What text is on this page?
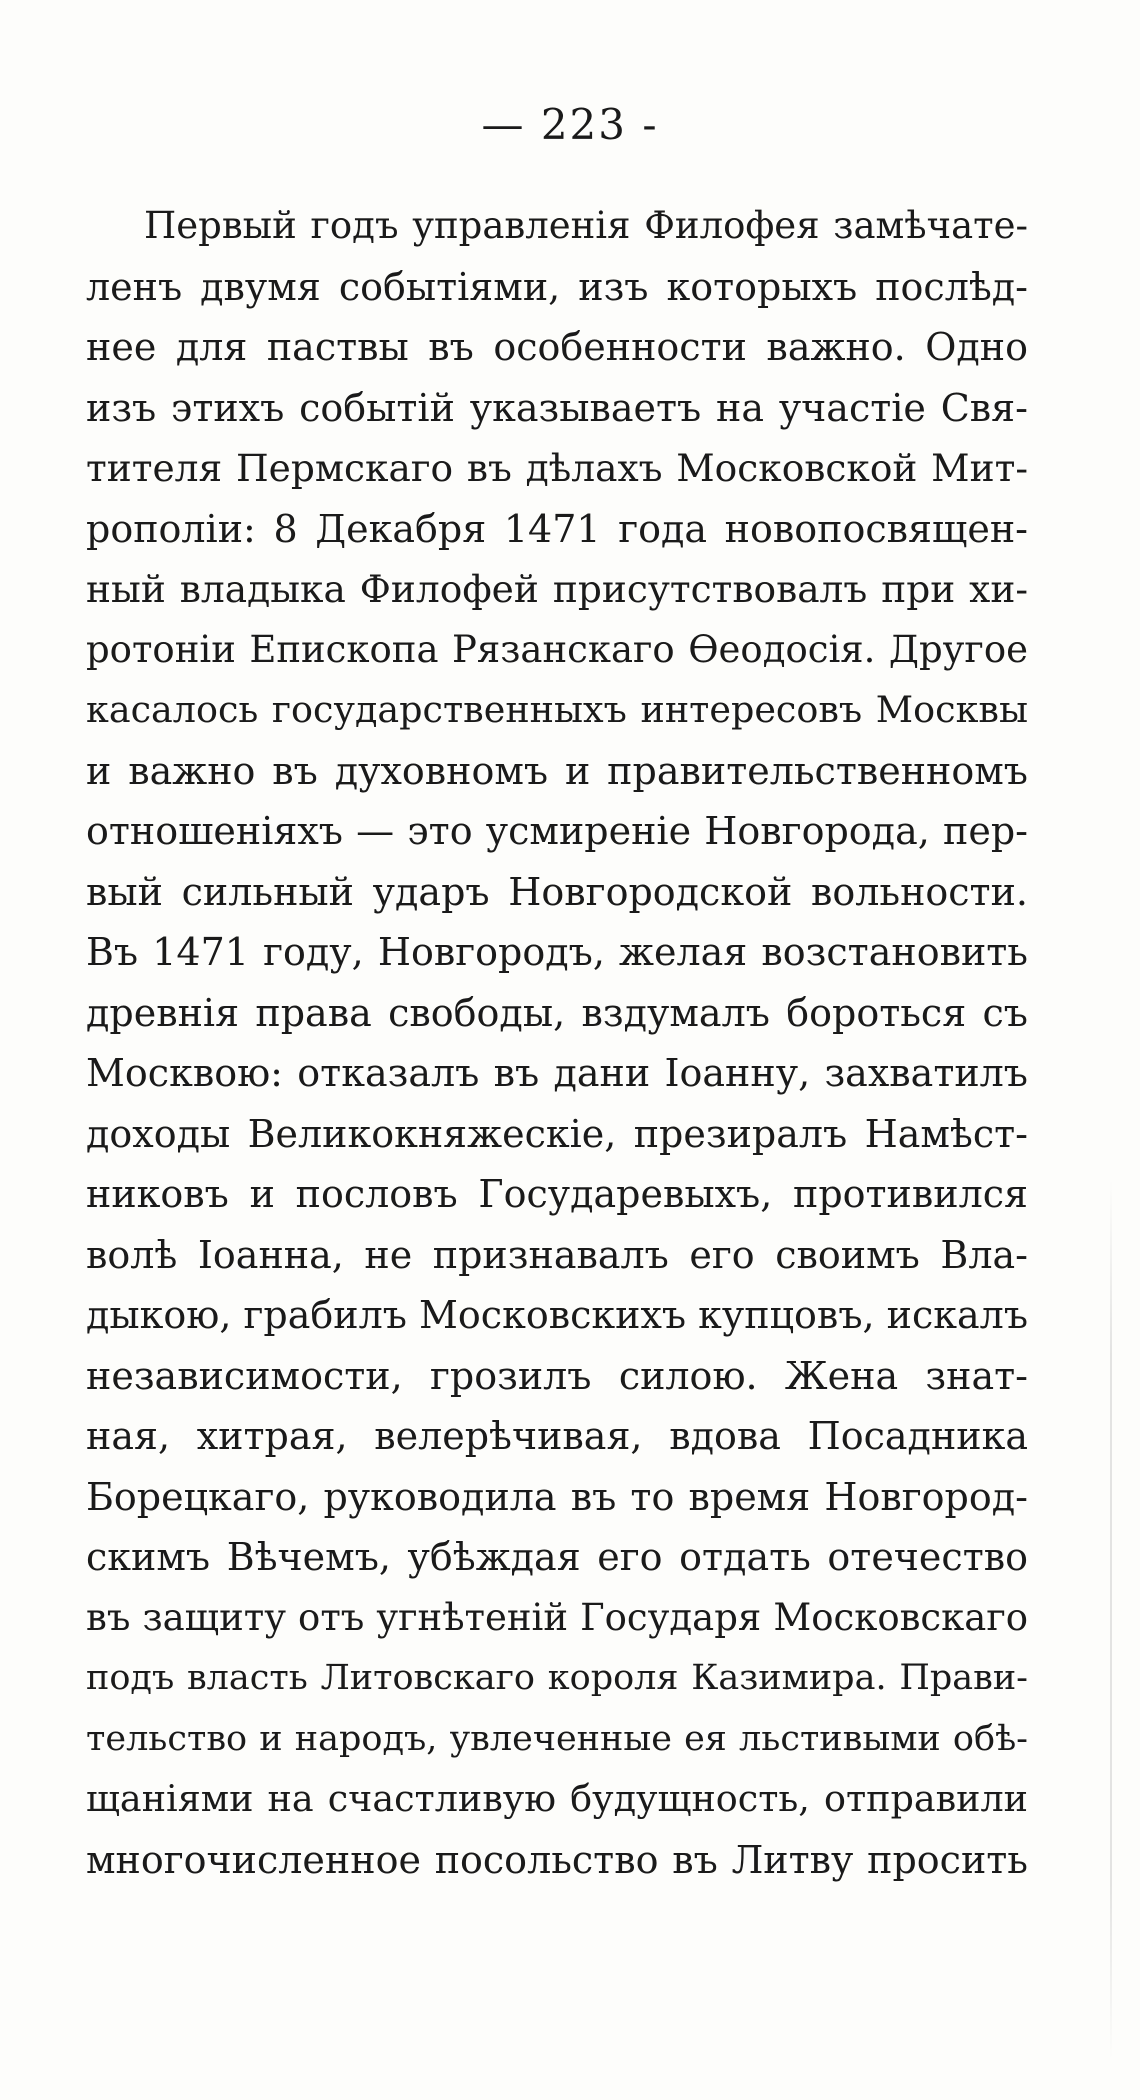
— 223 -
Первый годъ управленія Филофея замѣчате-
ленъ двумя событіями, изъ которыхъ послѣд-
нее для паствы въ особенности важно. Одно
изъ этихъ событій указываетъ на участіе Свя-
тителя Пермскаго въ дѣлахъ Московской Мит-
рополіи: 8 Декабря 1471 года новопосвящен-
ный владыка Филофей присутствовалъ при хи-
ротоніи Епископа Рязанскаго Ѳеодосія. Другое
касалось государственныхъ интересовъ Москвы
и важно въ духовномъ и правительственномъ
отношеніяхъ — это усмиреніе Новгорода, пер-
вый сильный ударъ Новгородской вольности.
Въ 1471 году, Новгородъ, желая возстановить
древнія права свободы, вздумалъ бороться съ
Москвою: отказалъ въ дани Іоанну, захватилъ
доходы Великокняжескіе, презиралъ Намѣст-
никовъ и пословъ Государевыхъ, противился
волѣ Іоанна, не признавалъ его своимъ Вла-
дыкою, грабилъ Московскихъ купцовъ, искалъ
независимости, грозилъ силою. Жена знат-
ная, хитрая, велерѣчивая, вдова Посадника
Борецкаго, руководила въ то время Новгород-
скимъ Вѣчемъ, убѣждая его отдать отечество
въ защиту отъ угнѣтеній Государя Московскаго
подъ власть Литовскаго короля Казимира. Прави-
тельство и народъ, увлеченные ея льстивыми обѣ-
щаніями на счастливую будущность, отправили
многочисленное посольство въ Литву просить
